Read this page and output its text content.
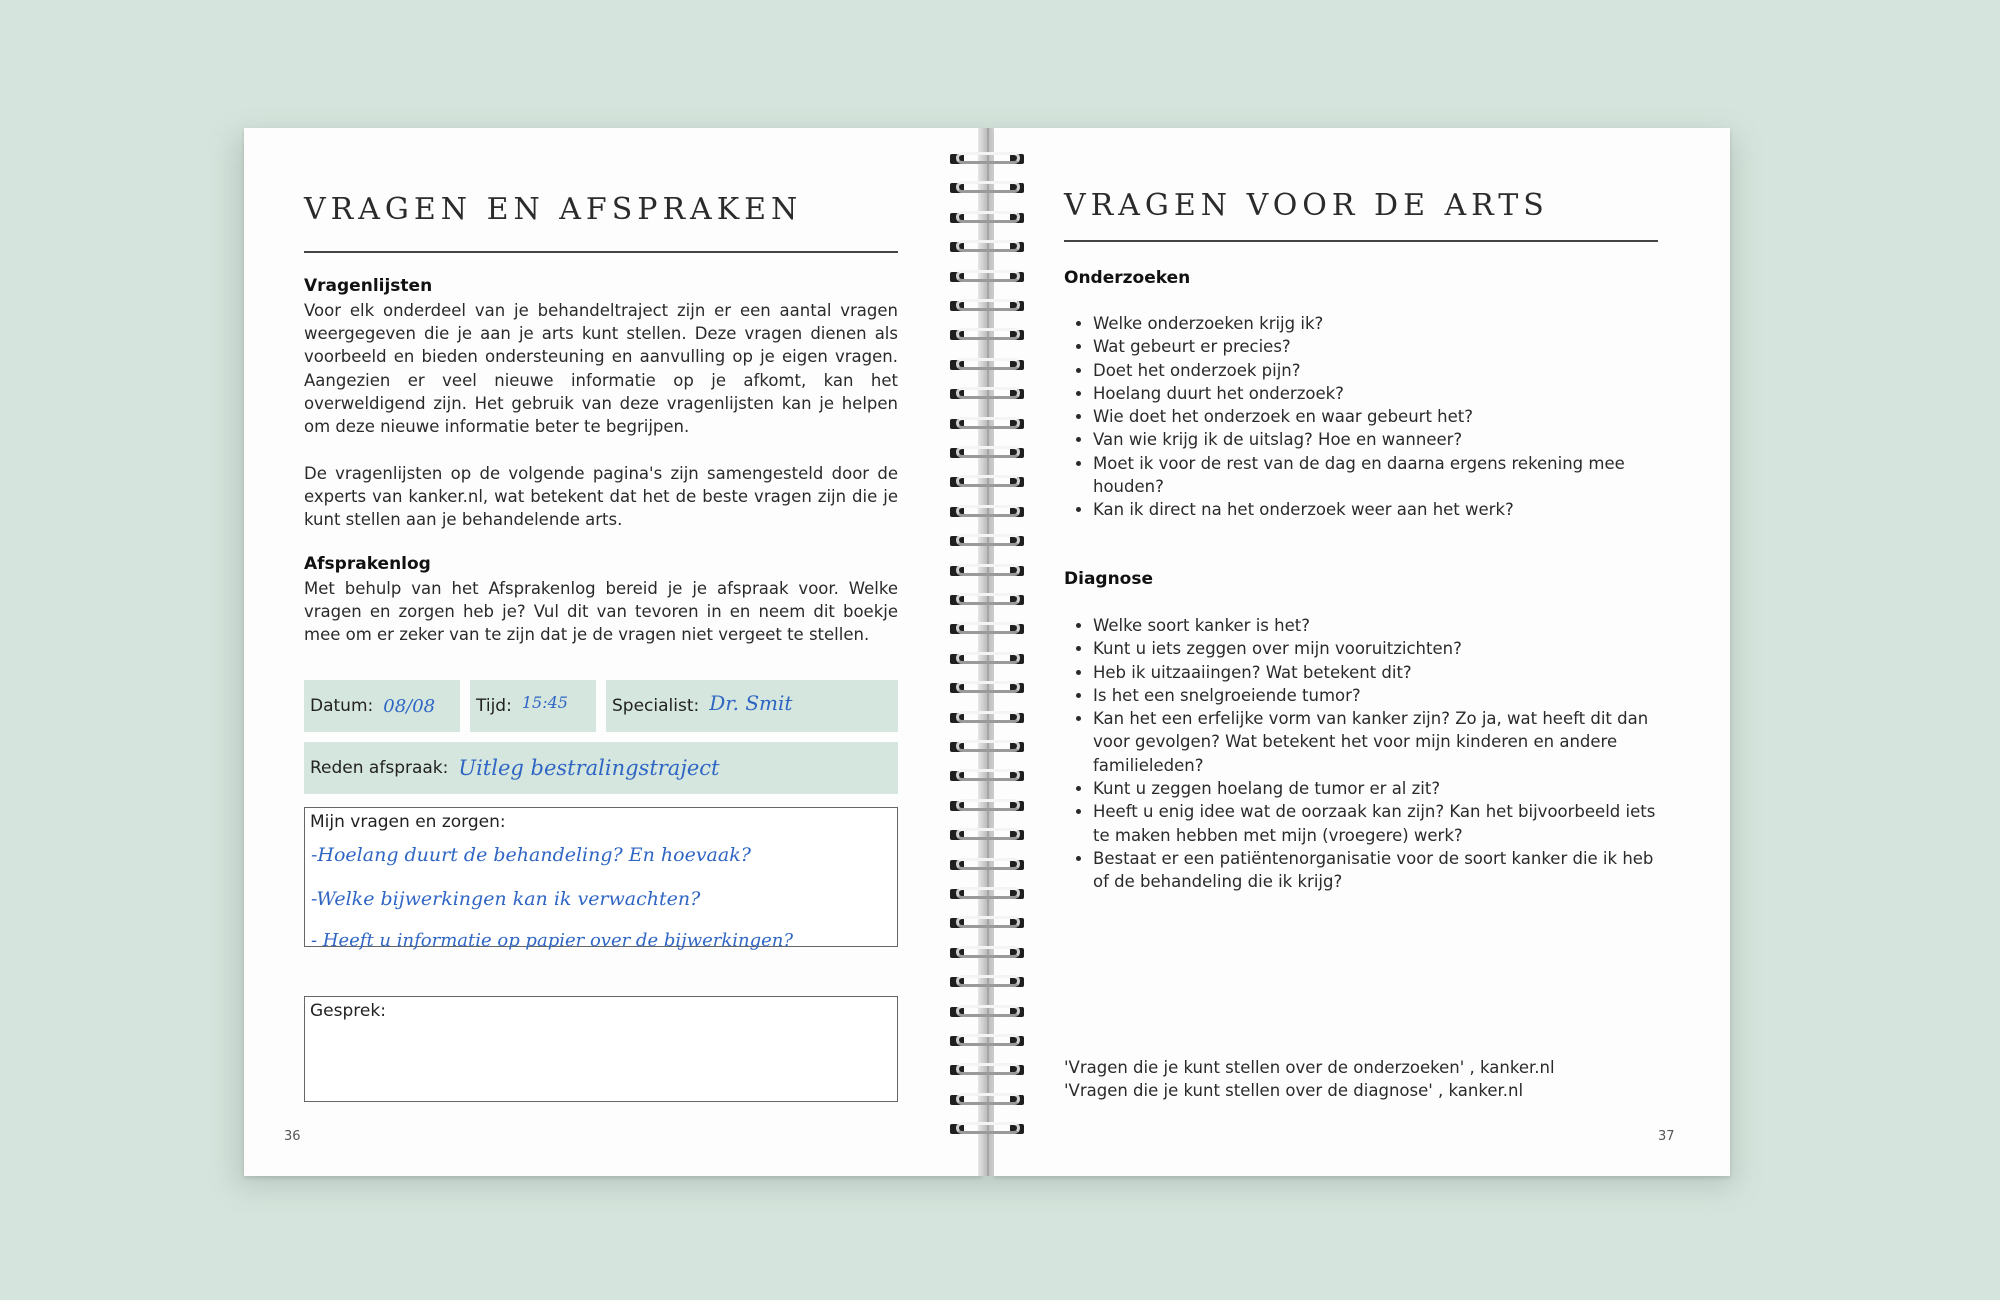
VRAGEN EN AFSPRAKEN
Vragenlijsten
Voor elk onderdeel van je behandeltraject zijn er een aantal vragen weergegeven die je aan je arts kunt stellen. Deze vragen dienen als voorbeeld en bieden ondersteuning en aanvulling op je eigen vragen. Aangezien er veel nieuwe informatie op je afkomt, kan het overweldigend zijn. Het gebruik van deze vragenlijsten kan je helpen om deze nieuwe informatie beter te begrijpen.
De vragenlijsten op de volgende pagina's zijn samengesteld door de experts van kanker.nl, wat betekent dat het de beste vragen zijn die je kunt stellen aan je behandelende arts.
Afsprakenlog
Met behulp van het Afsprakenlog bereid je je afspraak voor. Welke vragen en zorgen heb je? Vul dit van tevoren in en neem dit boekje mee om er zeker van te zijn dat je de vragen niet vergeet te stellen.
Datum: 08/08 Tijd: 15:45	Specialist: Dr. Smit
Reden afspraak: Uitleg bestralingstraject
Mijn vragen en zorgen:
-Hoelang duurt de behandeling? En hoevaak?
-Welke bijwerkingen kan ik verwachten?
- Heeft u informatie op papier over de bijwerkingen?
Gesprek:
36
VRAGEN VOOR DE ARTS
Onderzoeken
• Welke onderzoeken krijg ik?
• Wat gebeurt er precies?
• Doet het onderzoek pijn?
• Hoelang duurt het onderzoek?
• Wie doet het onderzoek en waar gebeurt het?
• Van wie krijg ik de uitslag? Hoe en wanneer?
• Moet ik voor de rest van de dag en daarna ergens rekening mee houden?
• Kan ik direct na het onderzoek weer aan het werk?
Diagnose
• Welke soort kanker is het?
• Kunt u iets zeggen over mijn vooruitzichten?
• Heb ik uitzaaiingen? Wat betekent dit?
• Is het een snelgroeiende tumor?
• Kan het een erfelijke vorm van kanker zijn? Zo ja, wat heeft dit dan voor gevolgen? Wat betekent het voor mijn kinderen en andere familieleden?
• Kunt u zeggen hoelang de tumor er al zit?
• Heeft u enig idee wat de oorzaak kan zijn? Kan het bijvoorbeeld iets te maken hebben met mijn (vroegere) werk?
• Bestaat er een patiëntenorganisatie voor de soort kanker die ik heb of de behandeling die ik krijg?
'Vragen die je kunt stellen over de onderzoeken' , kanker.nl
'Vragen die je kunt stellen over de diagnose' , kanker.nl
37
